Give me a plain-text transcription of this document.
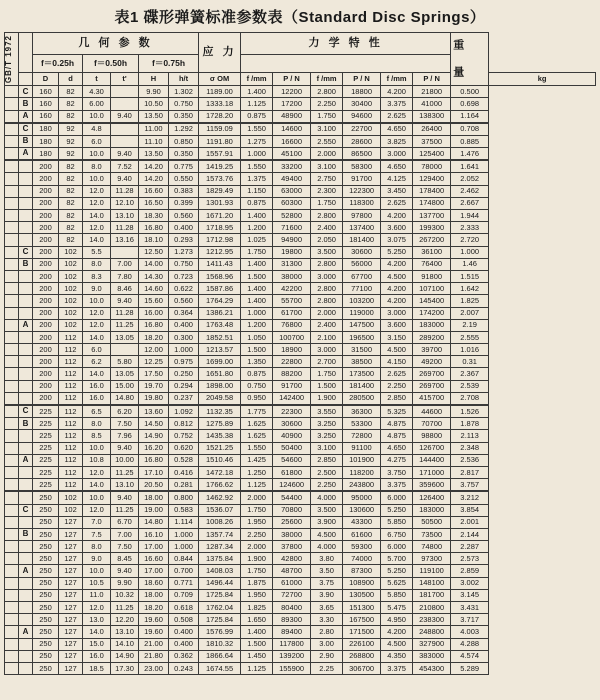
表1 碟形弹簧标准参数表（Standard Disc Springs）
GB/T 1972		几 何 参 数						应 力	力 学 特 性						重 量	

		f＝0.25h		f＝0.50h		f＝0.75h										
		D	d	t	t'	H	h/t	σ OM	f /mm	P / N	f /mm	P / N	f /mm	P / N		kg
	C	160	82	4.30		9.90	1.302	1189.00	1.400	12200	2.800	18800	4.200	21800	0.500	
	B	160	82	6.00		10.50	0.750	1333.18	1.125	17200	2.250	30400	3.375	41000	0.698	
	A	160	82	10.0	9.40	13.50	0.350	1728.20	0.875	48900	1.750	94600	2.625	138300	1.164	
	C	180	92	4.8		11.00	1.292	1159.09	1.550	14600	3.100	22700	4.650	26400	0.708	
	B	180	92	6.0		11.10	0.850	1191.80	1.275	16600	2.550	28600	3.825	37500	0.885	
	A	180	92	10.0	9.40	13.50	0.350	1557.91	1.000	45100	2.000	86500	3.000	125400	1.476	
		200	82	8.0	7.52	14.20	0.775	1419.25	1.550	33200	3.100	58300	4.650	78000	1.641	
		200	82	10.0	9.40	14.20	0.550	1573.76	1.375	49400	2.750	91700	4.125	129400	2.052	
		200	82	12.0	11.28	16.60	0.383	1829.49	1.150	63000	2.300	122300	3.450	178400	2.462	
		200	82	12.0	12.10	16.50	0.399	1301.93	0.875	60300	1.750	118300	2.625	174800	2.667	
		200	82	14.0	13.10	18.30	0.560	1671.20	1.400	52800	2.800	97800	4.200	137700	1.944	
		200	82	12.0	11.28	16.80	0.400	1718.95	1.200	71600	2.400	137400	3.600	199300	2.333	
		200	82	14.0	13.16	18.10	0.293	1712.98	1.025	94900	2.050	181400	3.075	267200	2.720	
	C	200	102	5.5		12.50	1.273	1212.95	1.750	19800	3.500	30600	5.250	36100	1.000	
	B	200	102	8.0	7.00	14.00	0.750	1411.43	1.400	31300	2.800	56000	4.200	76400	1.46	
		200	102	8.3	7.80	14.30	0.723	1568.96	1.500	38000	3.000	67700	4.500	91800	1.515	
		200	102	9.0	8.46	14.60	0.622	1587.86	1.400	42200	2.800	77100	4.200	107100	1.642	
		200	102	10.0	9.40	15.60	0.560	1764.29	1.400	55700	2.800	103200	4.200	145400	1.825	
		200	102	12.0	11.28	16.00	0.364	1386.21	1.000	61700	2.000	119000	3.000	174200	2.007	
	A	200	102	12.0	11.25	16.80	0.400	1763.48	1.200	76800	2.400	147500	3.600	183000	2.19	
		200	112	14.0	13.05	18.20	0.300	1852.51	1.050	100700	2.100	196500	3.150	289200	2.555	
		200	112	6.0		12.00	1.000	1213.57	1.500	18900	3.000	31500	4.500	39700	1.016	
		200	112	6.2	5.80	12.25	0.975	1699.00	1.350	22800	2.700	38500	4.150	49200	0.31	
		200	112	14.0	13.05	17.50	0.250	1651.80	0.875	88200	1.750	173500	2.625	269700	2.367	
		200	112	16.0	15.00	19.70	0.294	1898.00	0.750	91700	1.500	181400	2.250	269700	2.539	
		200	112	16.0	14.80	19.80	0.237	2049.58	0.950	142400	1.900	280500	2.850	415700	2.708	
	C	225	112	6.5	6.20	13.60	1.092	1132.35	1.775	22300	3.550	36300	5.325	44600	1.526	
	B	225	112	8.0	7.50	14.50	0.812	1275.89	1.625	30600	3.250	53300	4.875	70700	1.878	
		225	112	8.5	7.96	14.90	0.752	1435.38	1.625	40900	3.250	72800	4.875	98800	2.113	
		225	112	10.0	9.40	16.20	0.620	1521.25	1.550	50400	3.100	91100	4.650	126700	2.348	
	A	225	112	10.8	10.00	16.80	0.528	1510.46	1.425	54600	2.850	101900	4.275	144400	2.536	
		225	112	12.0	11.25	17.10	0.416	1472.18	1.250	61800	2.500	118200	3.750	171000	2.817	
		225	112	14.0	13.10	20.50	0.281	1766.62	1.125	124600	2.250	243800	3.375	359600	3.757	
		250	102	10.0	9.40	18.00	0.800	1462.92	2.000	54400	4.000	95000	6.000	126400	3.212	
	C	250	102	12.0	11.25	19.00	0.583	1536.07	1.750	70800	3.500	130600	5.250	183000	3.854	
		250	127	7.0	6.70	14.80	1.114	1008.26	1.950	25600	3.900	43300	5.850	50500	2.001	
	B	250	127	7.5	7.00	16.10	1.000	1357.74	2.250	38000	4.500	61600	6.750	73500	2.144	
		250	127	8.0	7.50	17.00	1.000	1287.34	2.000	37800	4.000	59300	6.000	74800	2.287	
		250	127	9.0	8.45	16.60	0.844	1375.84	1.900	42800	3.80	74000	5.700	97300	2.573	
	A	250	127	10.0	9.40	17.00	0.700	1408.03	1.750	48700	3.50	87300	5.250	119100	2.859	
		250	127	10.5	9.90	18.60	0.771	1496.44	1.875	61000	3.75	108900	5.625	148100	3.002	
		250	127	11.0	10.32	18.00	0.709	1725.84	1.950	72700	3.90	130500	5.850	181700	3.145	
		250	127	12.0	11.25	18.20	0.618	1762.04	1.825	80400	3.65	151300	5.475	210800	3.431	
		250	127	13.0	12.20	19.60	0.508	1725.84	1.650	89300	3.30	167500	4.950	238300	3.717	
	A	250	127	14.0	13.10	19.60	0.400	1576.99	1.400	89400	2.80	171500	4.200	248800	4.003	
		250	127	15.0	14.10	21.00	0.400	1810.32	1.500	117800	3.00	226100	4.500	327900	4.288	
		250	127	16.0	14.90	21.80	0.362	1866.64	1.450	139200	2.90	268800	4.350	383000	4.574	
		250	127	18.5	17.30	23.00	0.243	1674.55	1.125	155900	2.25	306700	3.375	454300	5.289	
